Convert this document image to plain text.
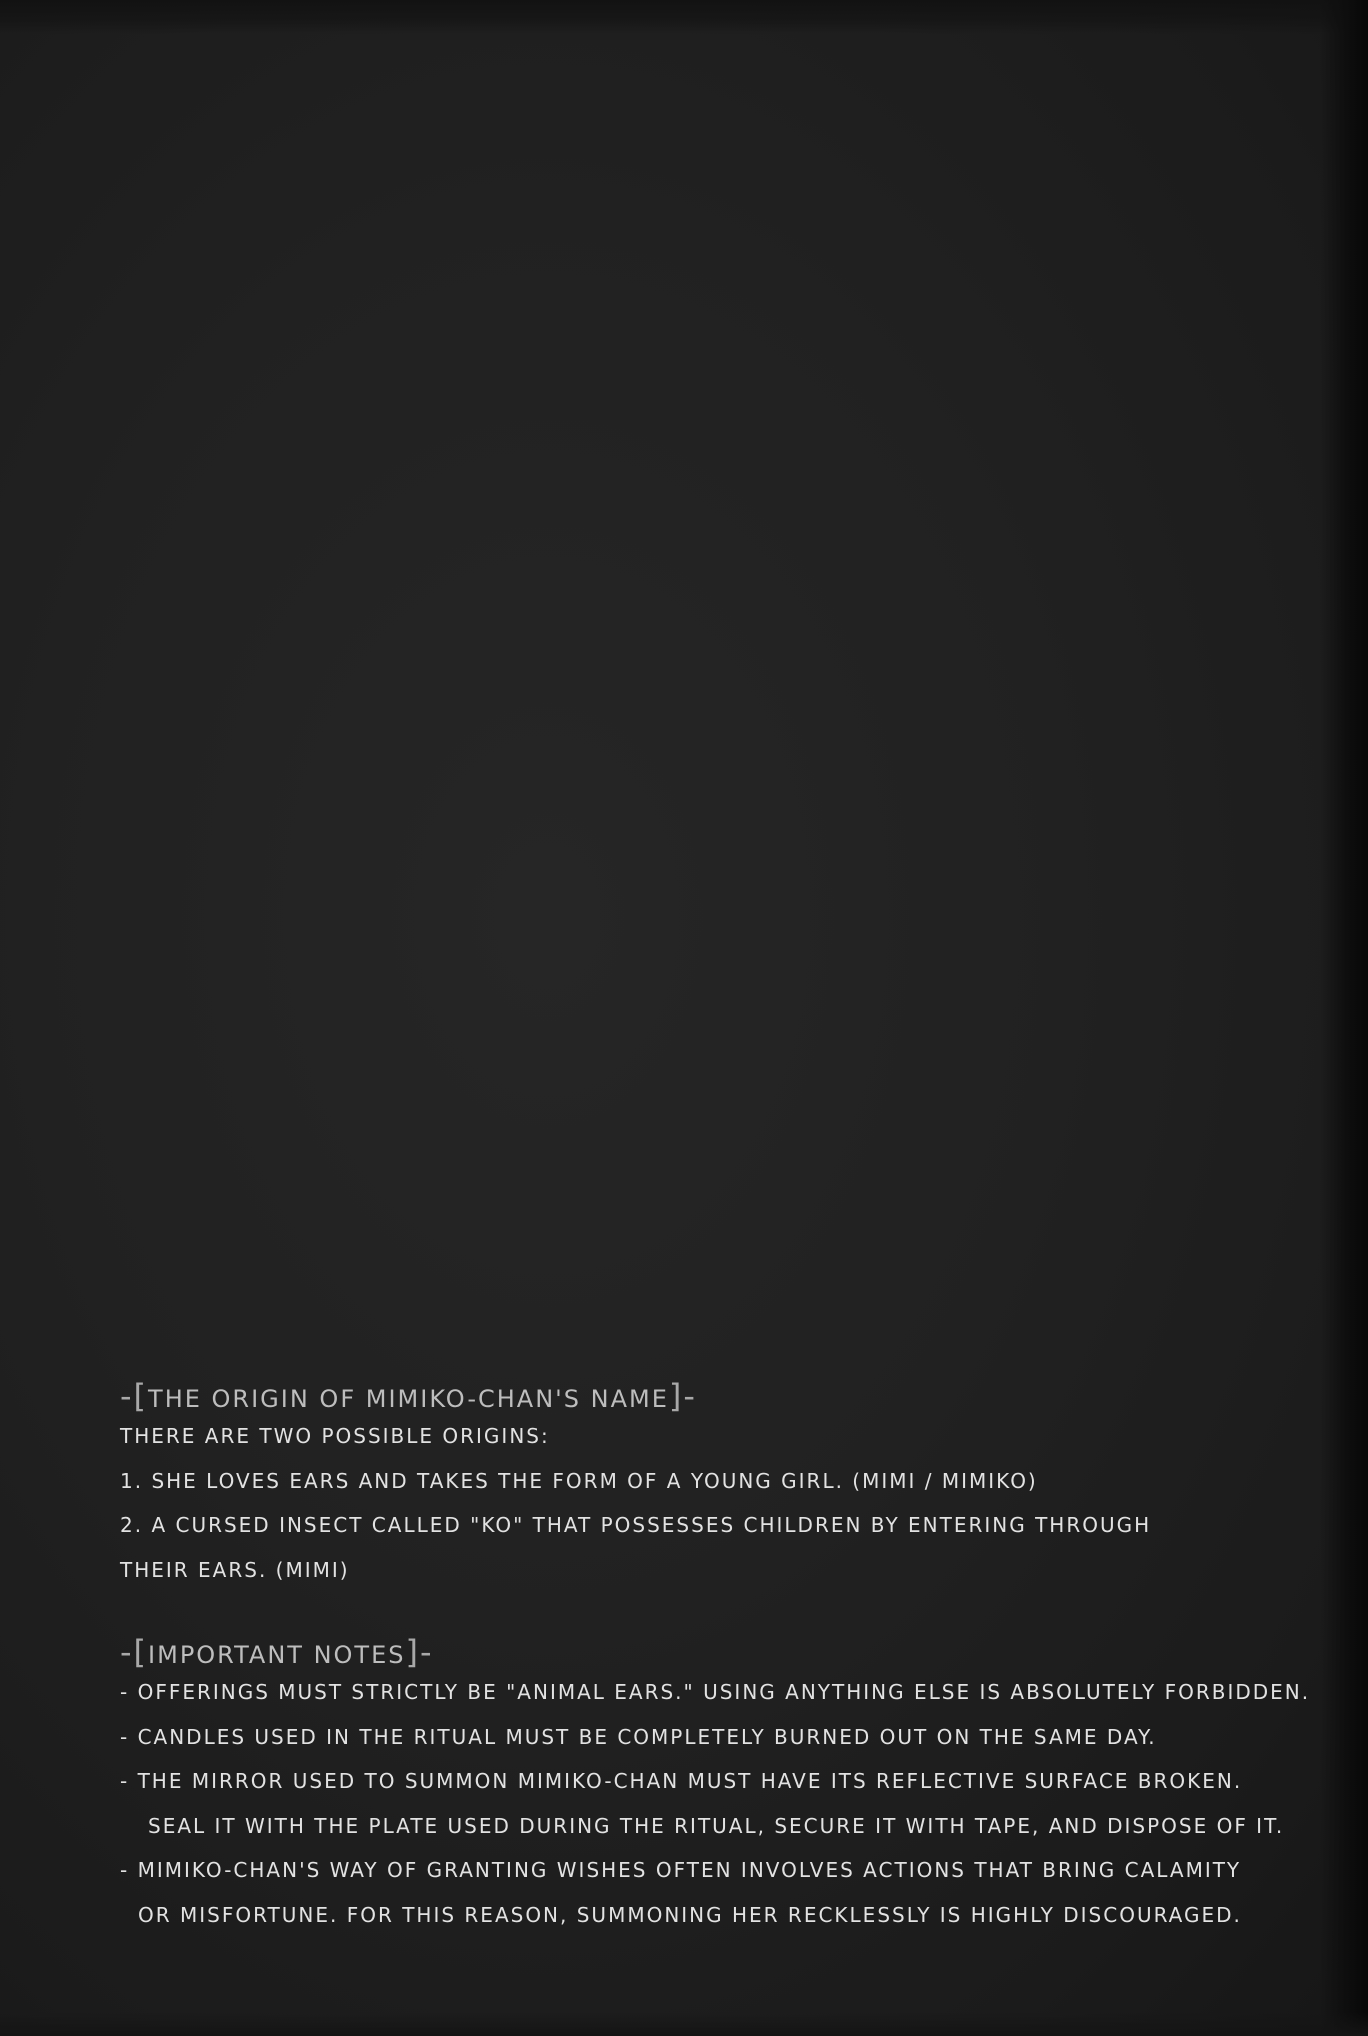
-[THE ORIGIN OF MIMIKO-CHAN'S NAME]-
THERE ARE TWO POSSIBLE ORIGINS:
1. SHE LOVES EARS AND TAKES THE FORM OF A YOUNG GIRL. (MIMI / MIMIKO)
2. A CURSED INSECT CALLED "KO" THAT POSSESSES CHILDREN BY ENTERING THROUGH
THEIR EARS. (MIMI)
-[IMPORTANT NOTES]-
- OFFERINGS MUST STRICTLY BE "ANIMAL EARS." USING ANYTHING ELSE IS ABSOLUTELY FORBIDDEN.
- CANDLES USED IN THE RITUAL MUST BE COMPLETELY BURNED OUT ON THE SAME DAY.
- THE MIRROR USED TO SUMMON MIMIKO-CHAN MUST HAVE ITS REFLECTIVE SURFACE BROKEN.
SEAL IT WITH THE PLATE USED DURING THE RITUAL, SECURE IT WITH TAPE, AND DISPOSE OF IT.
- MIMIKO-CHAN'S WAY OF GRANTING WISHES OFTEN INVOLVES ACTIONS THAT BRING CALAMITY
OR MISFORTUNE. FOR THIS REASON, SUMMONING HER RECKLESSLY IS HIGHLY DISCOURAGED.
